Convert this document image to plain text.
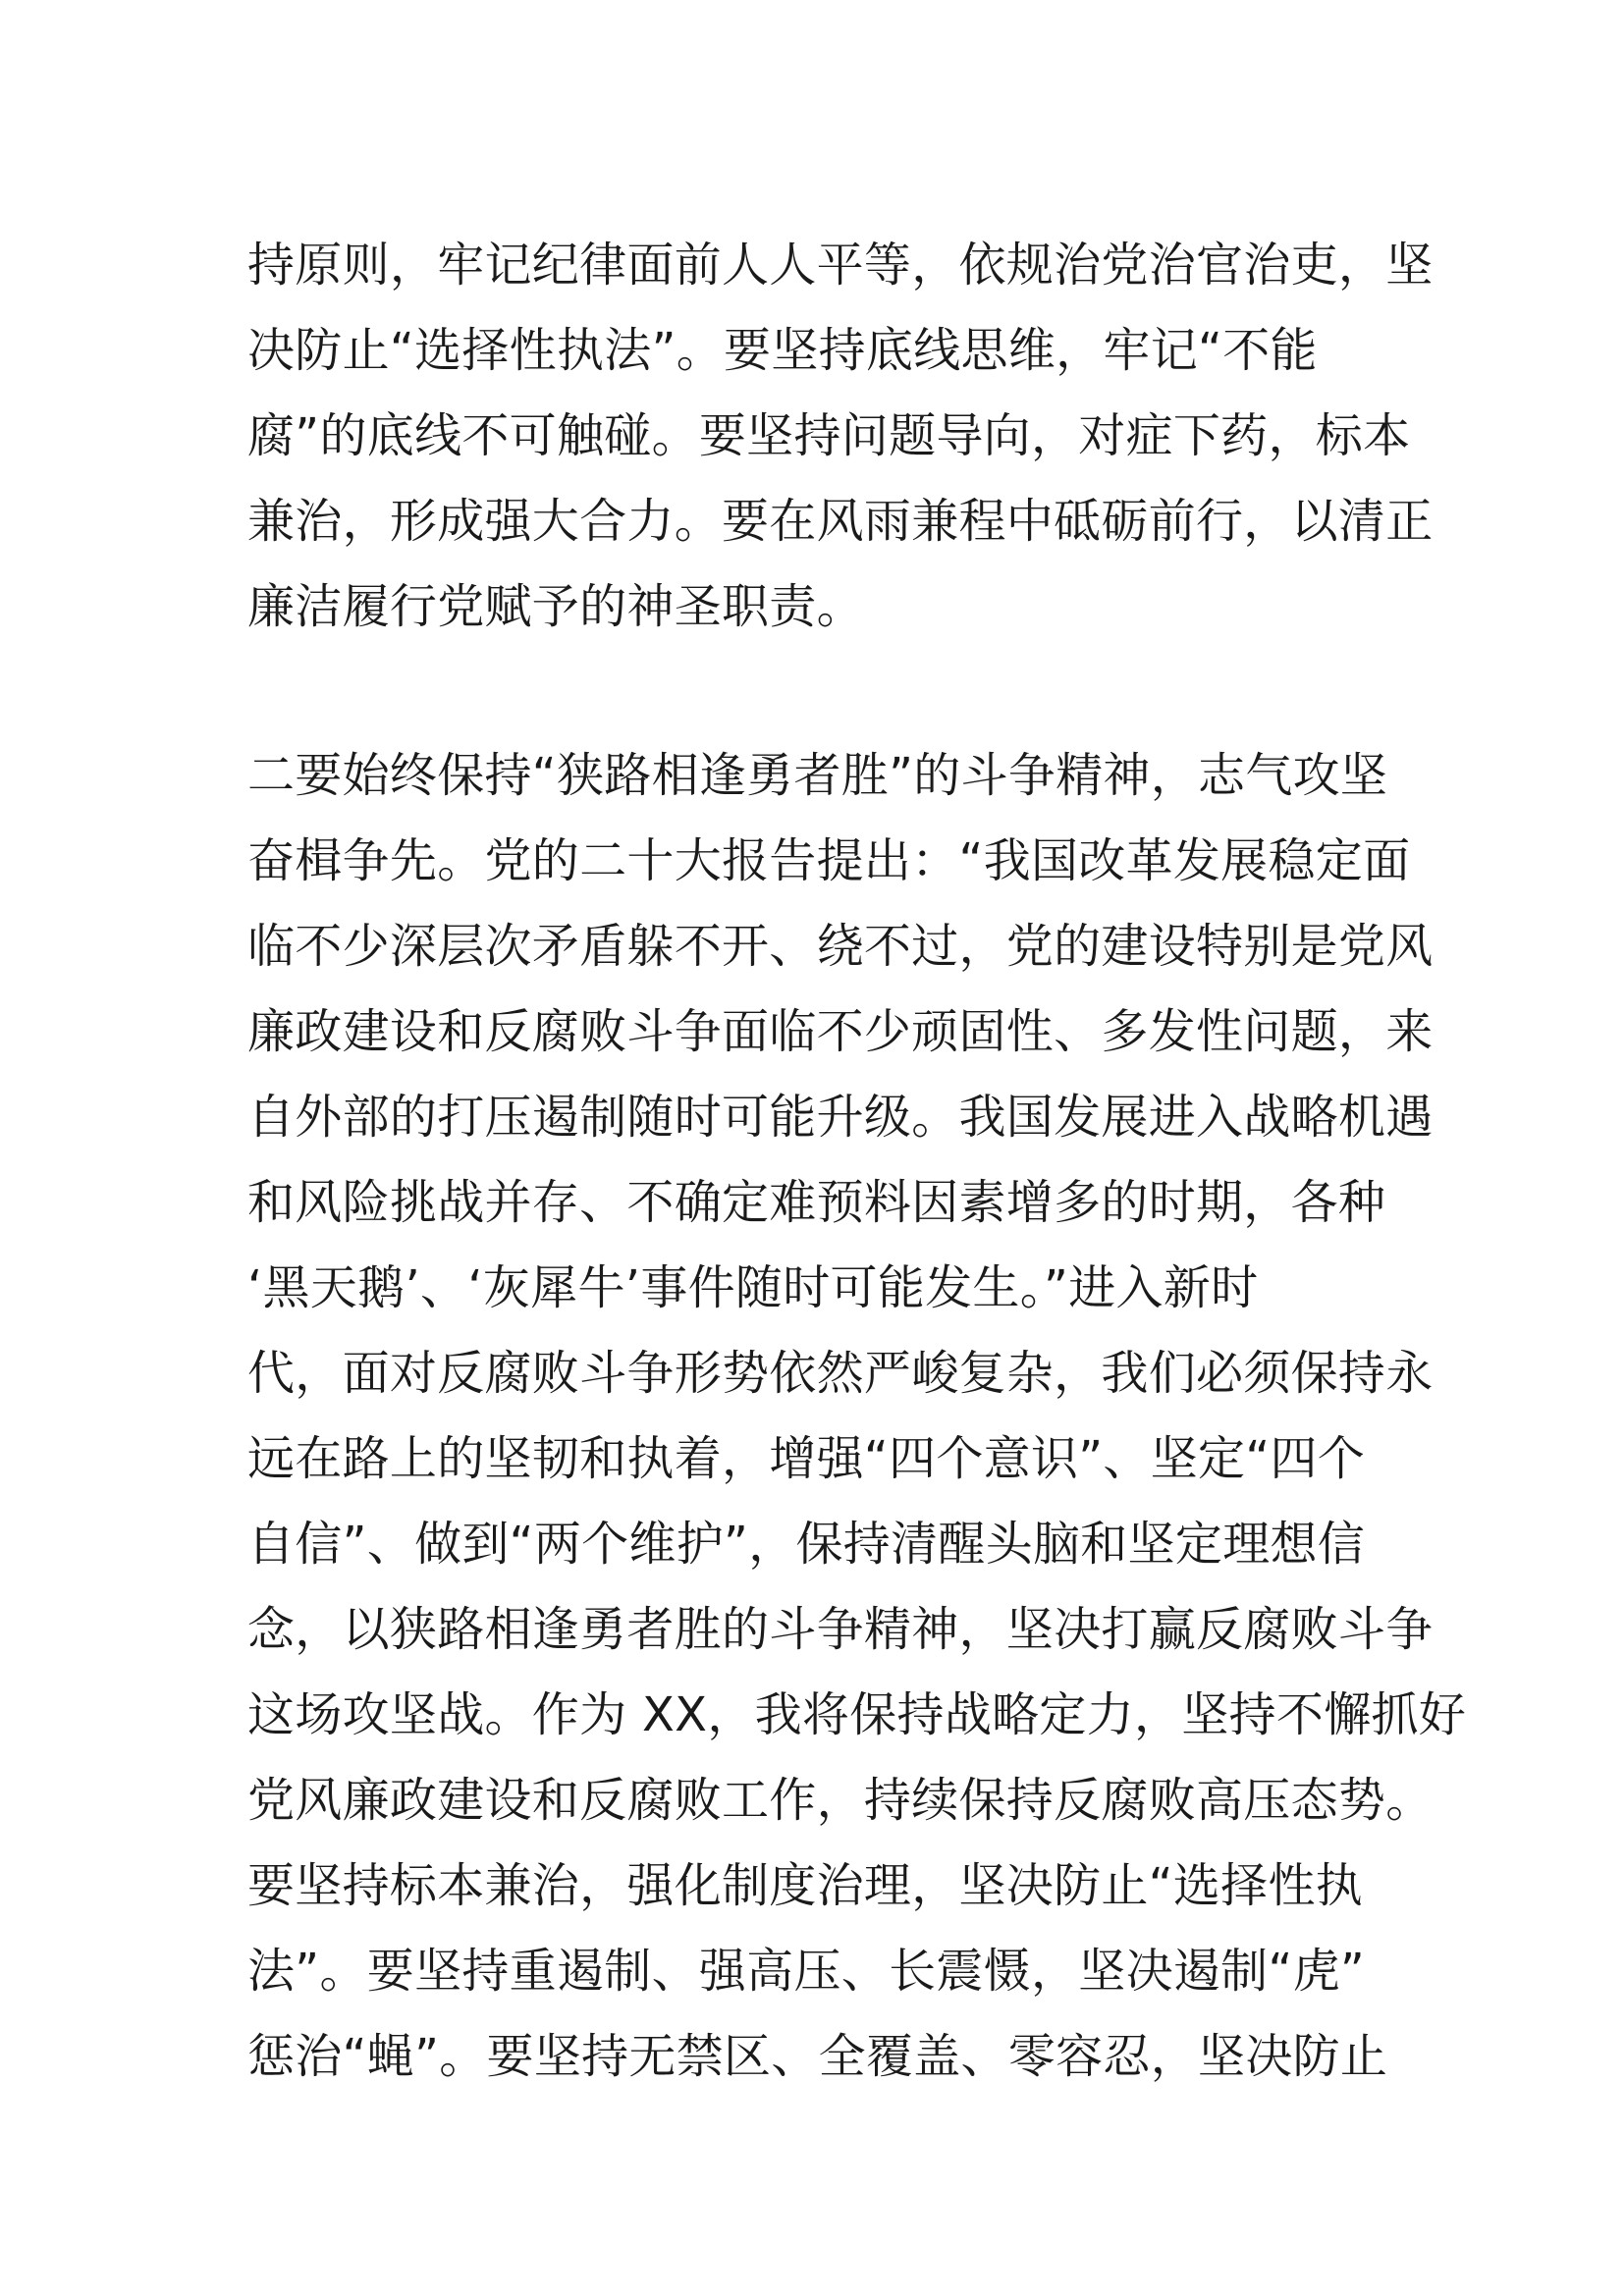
持原则，牢记纪律面前人人平等，依规治党治官治吏，坚
决防止“选择性执法”。要坚持底线思维，牢记“不能
腐”的底线不可触碰。要坚持问题导向，对症下药，标本
兼治，形成强大合力。要在风雨兼程中砥砺前行，以清正
廉洁履行党赋予的神圣职责。
二要始终保持“狭路相逢勇者胜”的斗争精神，志气攻坚
奋楫争先。党的二十大报告提出：“我国改革发展稳定面
临不少深层次矛盾躲不开、绕不过，党的建设特别是党风
廉政建设和反腐败斗争面临不少顽固性、多发性问题，来
自外部的打压遏制随时可能升级。我国发展进入战略机遇
和风险挑战并存、不确定难预料因素增多的时期，各种
‘黑天鹅’、‘灰犀牛’事件随时可能发生。”进入新时
代，面对反腐败斗争形势依然严峻复杂，我们必须保持永
远在路上的坚韧和执着，增强“四个意识”、坚定“四个
自信”、做到“两个维护”，保持清醒头脑和坚定理想信
念，以狭路相逢勇者胜的斗争精神，坚决打赢反腐败斗争
这场攻坚战。作为 XX，我将保持战略定力，坚持不懈抓好
党风廉政建设和反腐败工作，持续保持反腐败高压态势。
要坚持标本兼治，强化制度治理，坚决防止“选择性执
法”。要坚持重遏制、强高压、长震慑，坚决遏制“虎”
惩治“蝇”。要坚持无禁区、全覆盖、零容忍，坚决防止
